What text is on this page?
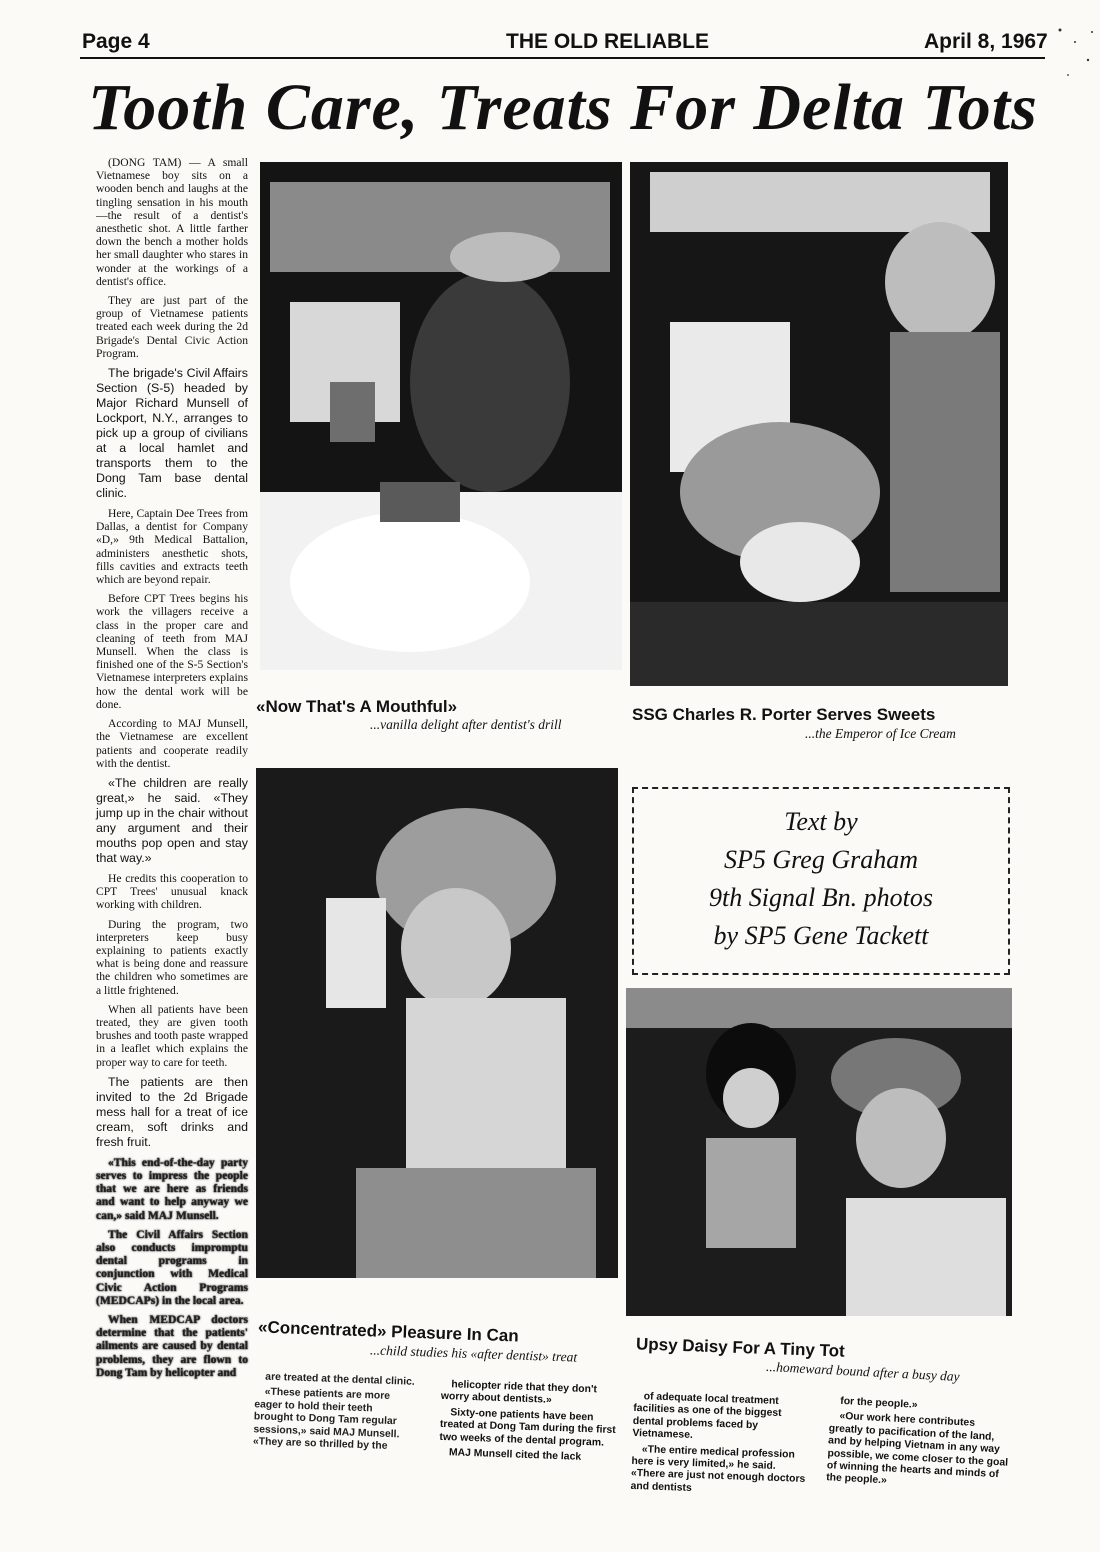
Page 4	THE OLD RELIABLE	April 8, 1967
Tooth Care, Treats For Delta Tots

(DONG TAM) — A small Vietnamese boy sits on a wooden bench and laughs at the tingling sensation in his mouth—the result of a dentist's anesthetic shot. A little farther down the bench a mother holds her small daughter who stares in wonder at the workings of a dentist's office.

They are just part of the group of Vietnamese patients treated each week during the 2d Brigade's Dental Civic Action Program.

The brigade's Civil Affairs Section (S-5) headed by Major Richard Munsell of Lockport, N.Y., arranges to pick up a group of civilians at a local hamlet and transports them to the Dong Tam base dental clinic.

Here, Captain Dee Trees from Dallas, a dentist for Company «D,» 9th Medical Battalion, administers anesthetic shots, fills cavities and extracts teeth which are beyond repair.

Before CPT Trees begins his work the villagers receive a class in the proper care and cleaning of teeth from MAJ Munsell. When the class is finished one of the S-5 Section's Vietnamese interpreters explains how the dental work will be done.

According to MAJ Munsell, the Vietnamese are excellent patients and cooperate readily with the dentist.

«The children are really great,» he said. «They jump up in the chair without any argument and their mouths pop open and stay that way.»

He credits this cooperation to CPT Trees' unusual knack working with children.

During the program, two interpreters keep busy explaining to patients exactly what is being done and reassure the children who sometimes are a little frightened.

When all patients have been treated, they are given tooth brushes and tooth paste wrapped in a leaflet which explains the proper way to care for teeth.

The patients are then invited to the 2d Brigade mess hall for a treat of ice cream, soft drinks and fresh fruit.

«This end-of-the-day party serves to impress the people that we are here as friends and want to help anyway we can,» said MAJ Munsell.

The Civil Affairs Section also conducts impromptu dental programs in conjunction with Medical Civic Action Programs (MEDCAPs) in the local area.

When MEDCAP doctors determine that the patients' ailments are caused by dental problems, they are flown to Dong Tam by helicopter and

«Now That's A Mouthful»
...vanilla delight after dentist's drill
SSG Charles R. Porter Serves Sweets
...the Emperor of Ice Cream
Text by
SP5 Greg Graham
9th Signal Bn. photos
by SP5 Gene Tackett
«Concentrated» Pleasure In Can
...child studies his «after dentist» treat	Upsy Daisy For A Tiny Tot
...homeward bound after a busy day

are treated at the dental clinic.

«These patients are more eager to hold their teeth brought to Dong Tam regular sessions,» said MAJ Munsell. «They are so thrilled by the

helicopter ride that they don't worry about dentists.»

Sixty-one patients have been treated at Dong Tam during the first two weeks of the dental program.

MAJ Munsell cited the lack

of adequate local treatment facilities as one of the biggest dental problems faced by Vietnamese.

«The entire medical profession here is very limited,» he said. «There are just not enough doctors and dentists

for the people.»

«Our work here contributes greatly to pacification of the land, and by helping Vietnam in any way possible, we come closer to the goal of winning the hearts and minds of the people.»
